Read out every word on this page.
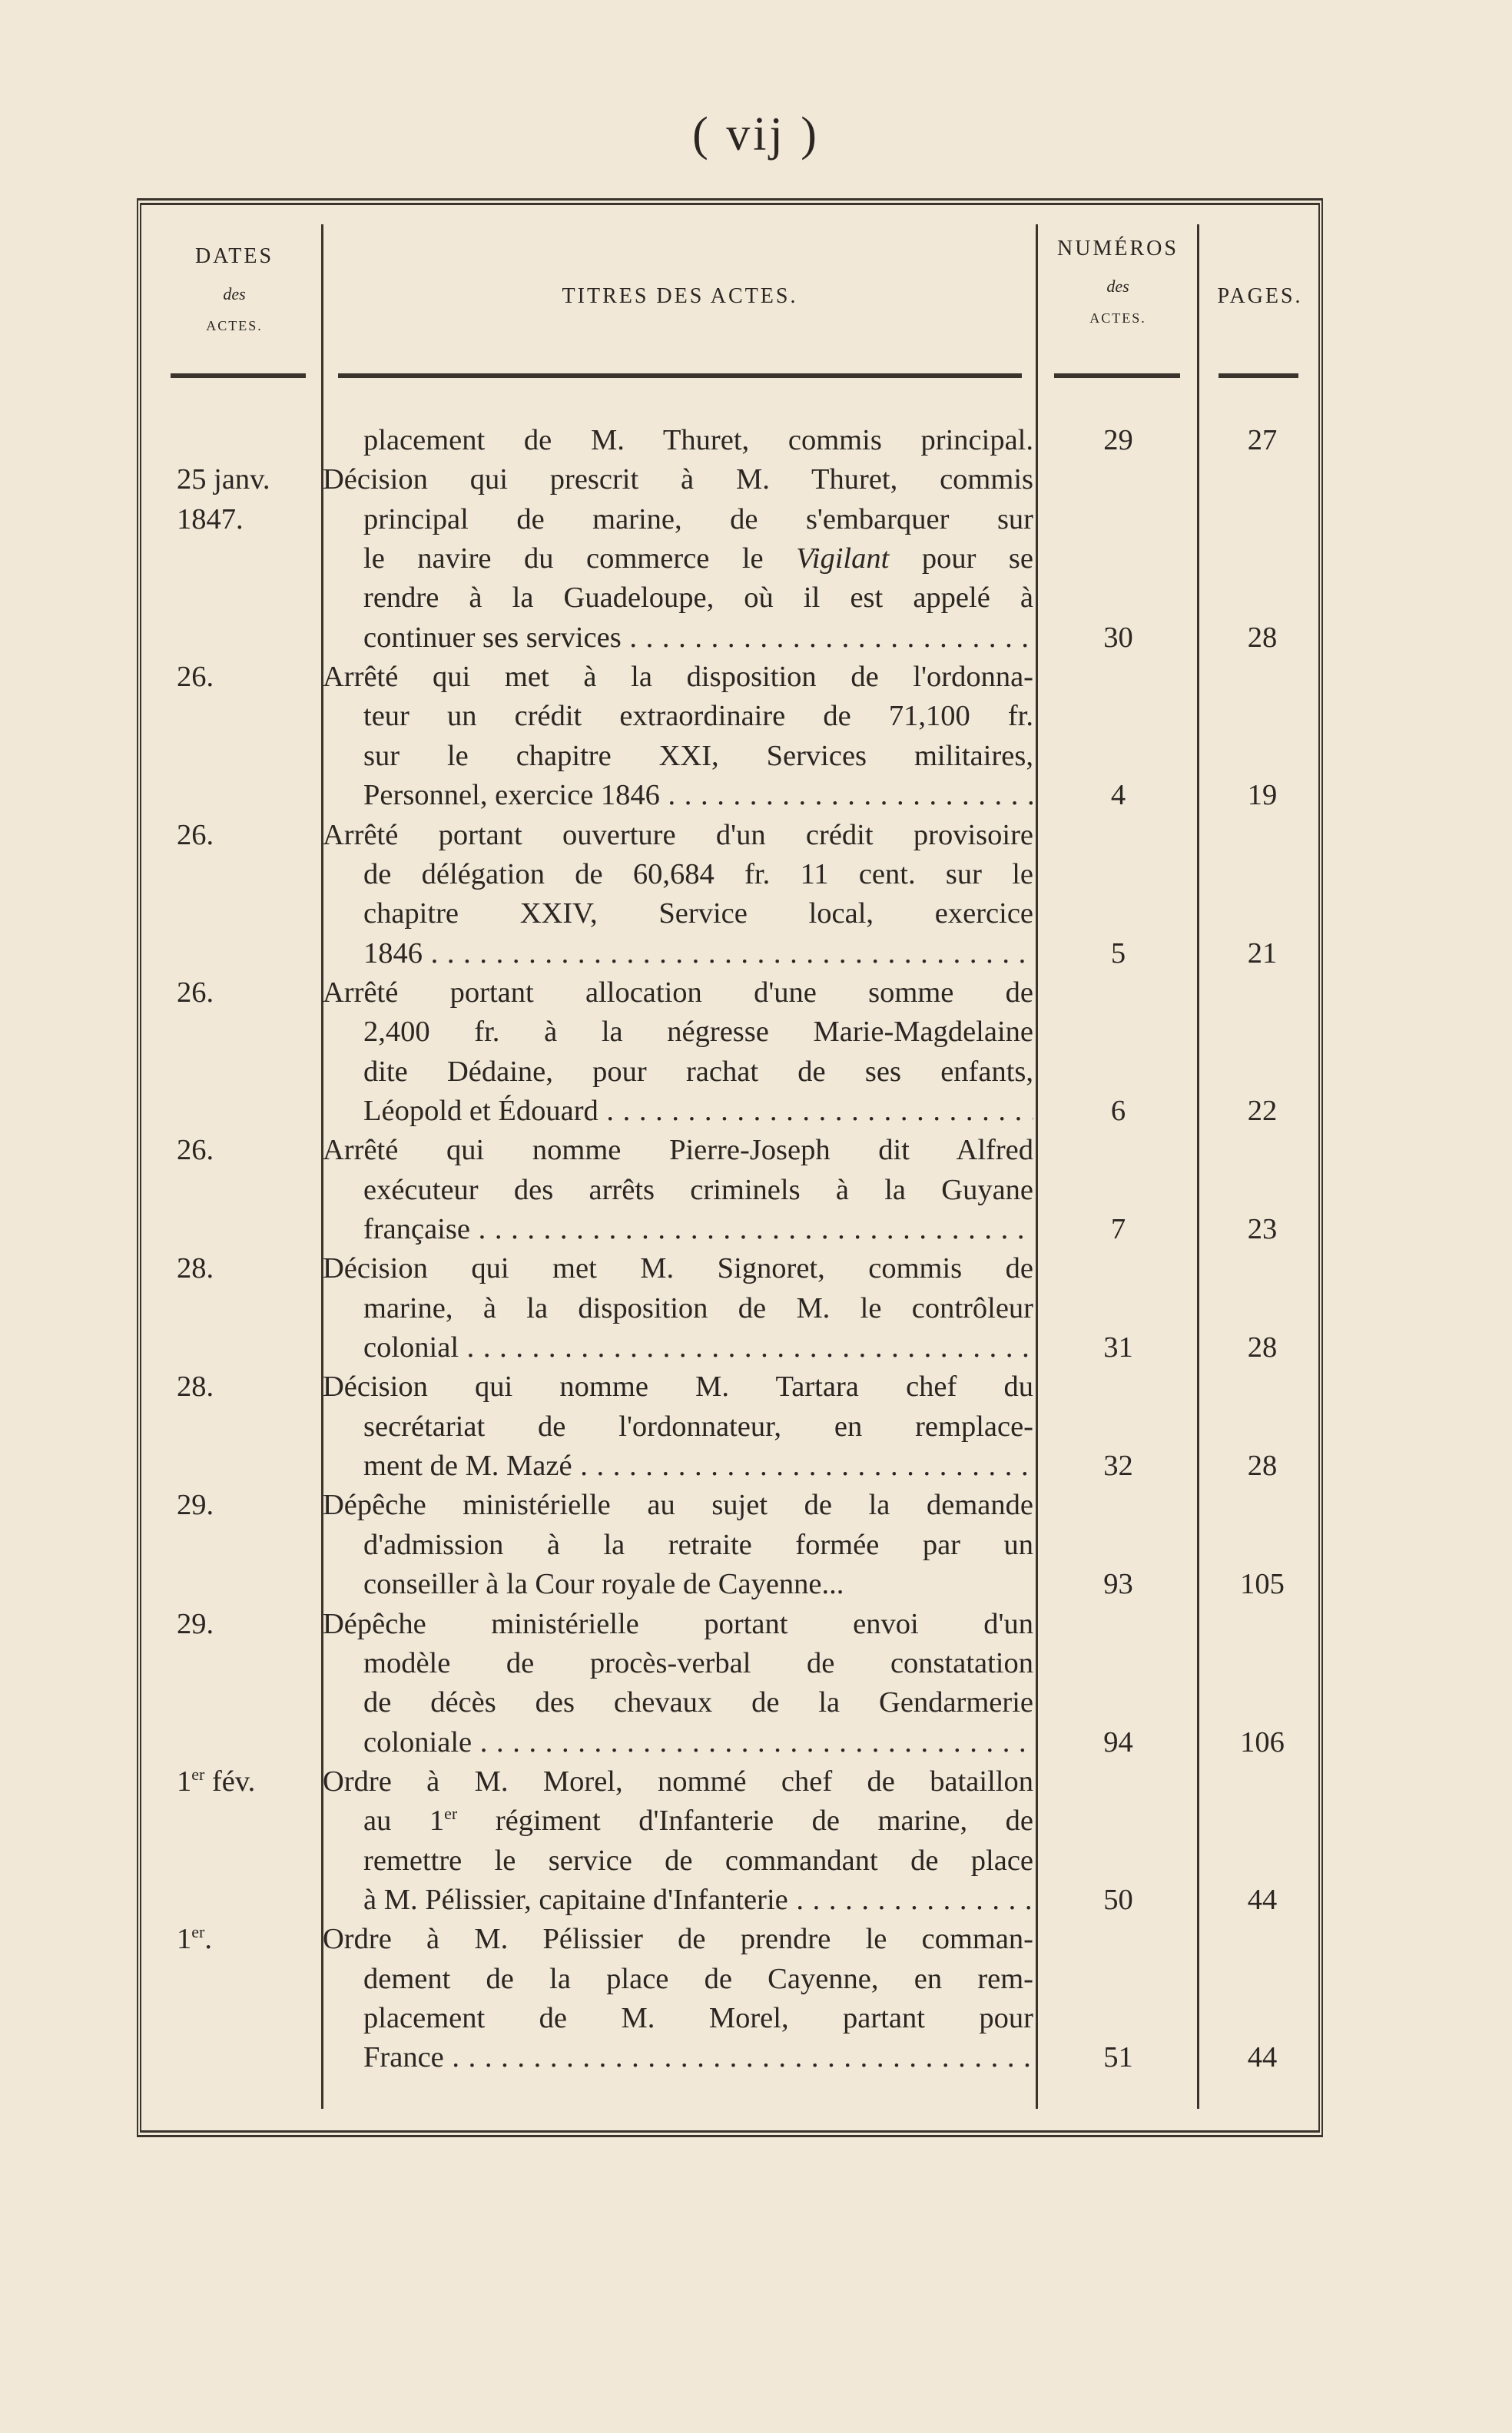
( vij )
DATES
des
ACTES.
TITRES DES ACTES.
NUMÉROS
des
ACTES.
PAGES.
placement de M. Thuret, commis principal.	29	27
25 janv.	Décision qui prescrit à M. Thuret, commis
1847.	principal de marine, de s'embarquer sur
le navire du commerce le Vigilant pour se
rendre à la Guadeloupe, où il est appelé à
continuer ses services . . .	30	28
26.	Arrêté qui met à la disposition de l'ordonna-
teur un crédit extraordinaire de 71,100 fr.
sur le chapitre XXI, Services militaires,
Personnel, exercice 1846 . . .	4	19
26.	Arrêté portant ouverture d'un crédit provisoire
de délégation de 60,684 fr. 11 cent. sur le
chapitre XXIV, Service local, exercice
1846 . . .	5	21
26.	Arrêté portant allocation d'une somme de
2,400 fr. à la négresse Marie-Magdelaine
dite Dédaine, pour rachat de ses enfants,
Léopold et Édouard . . .	6	22
26.	Arrêté qui nomme Pierre-Joseph dit Alfred
exécuteur des arrêts criminels à la Guyane
française . . .	7	23
28.	Décision qui met M. Signoret, commis de
marine, à la disposition de M. le contrôleur
colonial . . .	31	28
28.	Décision qui nomme M. Tartara chef du
secrétariat de l'ordonnateur, en remplace-
ment de M. Mazé . . .	32	28
29.	Dépêche ministérielle au sujet de la demande
d'admission à la retraite formée par un
conseiller à la Cour royale de Cayenne...	93	105
29.	Dépêche ministérielle portant envoi d'un
modèle de procès-verbal de constatation
de décès des chevaux de la Gendarmerie
coloniale . . .	94	106
1er fév.	Ordre à M. Morel, nommé chef de bataillon
au 1er régiment d'Infanterie de marine, de
remettre le service de commandant de place
à M. Pélissier, capitaine d'Infanterie . . .	50	44
1er.	Ordre à M. Pélissier de prendre le comman-
dement de la place de Cayenne, en rem-
placement de M. Morel, partant pour
France . . .	51	44
